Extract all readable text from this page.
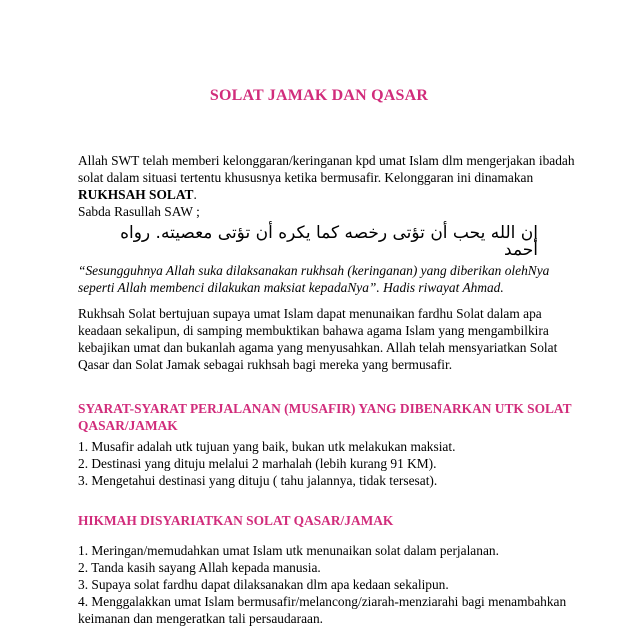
SOLAT JAMAK DAN QASAR
Allah SWT telah memberi kelonggaran/keringanan kpd umat Islam dlm mengerjakan ibadah
solat dalam situasi tertentu khususnya ketika bermusafir. Kelonggaran ini dinamakan
RUKHSAH SOLAT.
Sabda Rasullah SAW ;
إن الله يحب أن تؤتى رخصه كما يكره أن تؤتى معصيته. رواه أحمد
“Sesungguhnya Allah suka dilaksanakan rukhsah (keringanan) yang diberikan olehNya
seperti Allah membenci dilakukan maksiat kepadaNya”. Hadis riwayat Ahmad.
Rukhsah Solat bertujuan supaya umat Islam dapat menunaikan fardhu Solat dalam apa
keadaan sekalipun, di samping membuktikan bahawa agama Islam yang mengambilkira
kebajikan umat dan bukanlah agama yang menyusahkan. Allah telah mensyariatkan Solat
Qasar dan Solat Jamak sebagai rukhsah bagi mereka yang bermusafir.
SYARAT-SYARAT PERJALANAN (MUSAFIR) YANG DIBENARKAN UTK SOLAT
QASAR/JAMAK
1. Musafir adalah utk tujuan yang baik, bukan utk melakukan maksiat.
2. Destinasi yang dituju melalui 2 marhalah (lebih kurang 91 KM).
3. Mengetahui destinasi yang dituju ( tahu jalannya, tidak tersesat).
HIKMAH DISYARIATKAN SOLAT QASAR/JAMAK
1. Meringan/memudahkan umat Islam utk menunaikan solat dalam perjalanan.
2. Tanda kasih sayang Allah kepada manusia.
3. Supaya solat fardhu dapat dilaksanakan dlm apa kedaan sekalipun.
4. Menggalakkan umat Islam bermusafir/melancong/ziarah-menziarahi bagi menambahkan
keimanan dan mengeratkan tali persaudaraan.
